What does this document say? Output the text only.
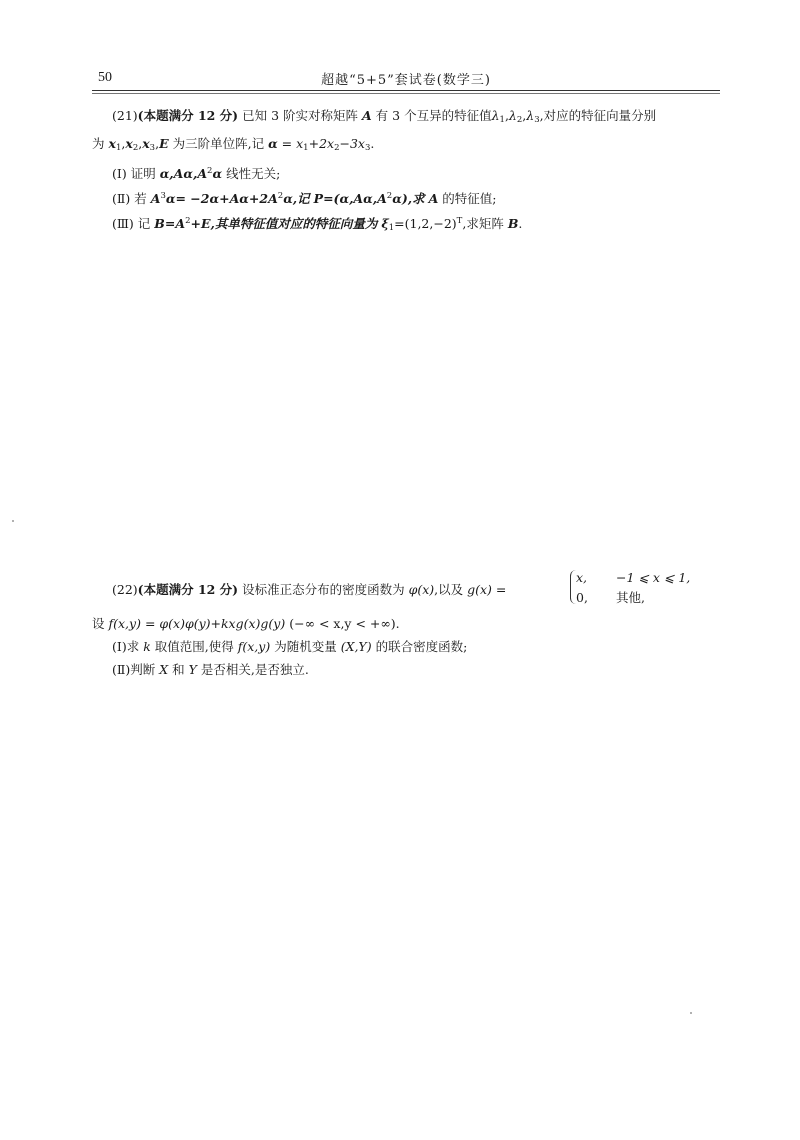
50	超越“5+5”套试卷(数学三)
(21)(本题满分 12 分) 已知 3 阶实对称矩阵 A 有 3 个互异的特征值$\lambda_1,\lambda_2,\lambda_3$,对应的特征向量分别
为 $x_1,x_2,x_3,E$ 为三阶单位阵,记 $\alpha = x_1+2x_2-3x_3$.
(Ⅰ) 证明 $\alpha,A\alpha,A^2\alpha$ 线性无关;
(Ⅱ) 若 $A^3\alpha= -2\alpha+A\alpha+2A^2\alpha$,记 $P=(\alpha,A\alpha,A^2\alpha)$,求 A 的特征值;
(Ⅲ) 记 $B=A^2+E$,其单特征值对应的特征向量为 $\xi_1=(1,2,-2)^T$,求矩阵 B.
(22)(本题满分 12 分) 设标准正态分布的密度函数为 φ(x),以及 g(x) =
x, −1 ⩽ x ⩽ 1,
0, 其他,
设 f(x,y) = φ(x)φ(y)+kxg(x)g(y) (−∞ < x,y < +∞).
(Ⅰ)求 k 取值范围,使得 f(x,y) 为随机变量 (X,Y) 的联合密度函数;
(Ⅱ)判断 X 和 Y 是否相关,是否独立.
